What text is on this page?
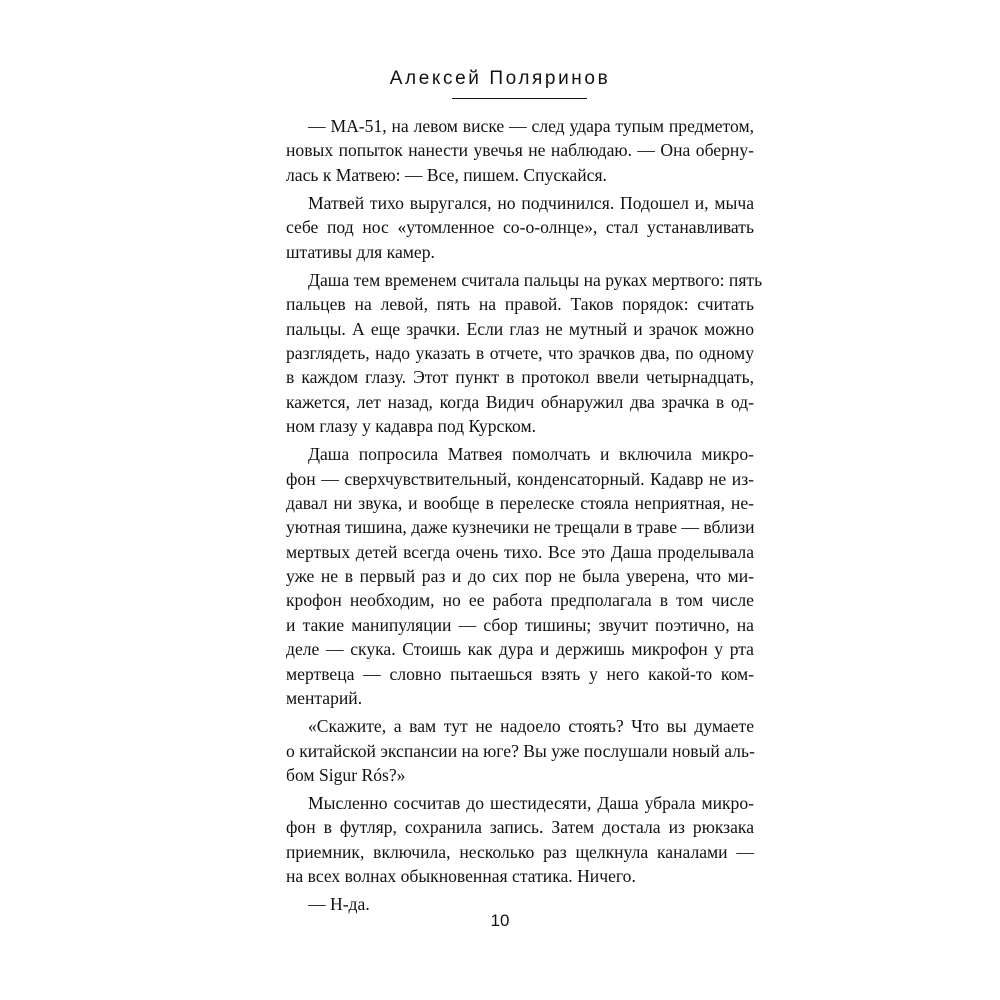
Алексей Поляринов
— МА-51, на левом виске — след удара тупым предметом,
новых попыток нанести увечья не наблюдаю. — Она оберну-
лась к Матвею: — Все, пишем. Спускайся.
Матвей тихо выругался, но подчинился. Подошел и, мыча
себе под нос «утомленное со-о-олнце», стал устанавливать
штативы для камер.
Даша тем временем считала пальцы на руках мертвого: пять
пальцев на левой, пять на правой. Таков порядок: считать
пальцы. А еще зрачки. Если глаз не мутный и зрачок можно
разглядеть, надо указать в отчете, что зрачков два, по одному
в каждом глазу. Этот пункт в протокол ввели четырнадцать,
кажется, лет назад, когда Видич обнаружил два зрачка в од-
ном глазу у кадавра под Курском.
Даша попросила Матвея помолчать и включила микро-
фон — сверхчувствительный, конденсаторный. Кадавр не из-
давал ни звука, и вообще в перелеске стояла неприятная, не-
уютная тишина, даже кузнечики не трещали в траве — вблизи
мертвых детей всегда очень тихо. Все это Даша проделывала
уже не в первый раз и до сих пор не была уверена, что ми-
крофон необходим, но ее работа предполагала в том числе
и такие манипуляции — сбор тишины; звучит поэтично, на
деле — скука. Стоишь как дура и держишь микрофон у рта
мертвеца — словно пытаешься взять у него какой-то ком-
ментарий.
«Скажите, а вам тут не надоело стоять? Что вы думаете
о китайской экспансии на юге? Вы уже послушали новый аль-
бом Sigur Rós?»
Мысленно сосчитав до шестидесяти, Даша убрала микро-
фон в футляр, сохранила запись. Затем достала из рюкзака
приемник, включила, несколько раз щелкнула каналами —
на всех волнах обыкновенная статика. Ничего.
— Н-да.
10
